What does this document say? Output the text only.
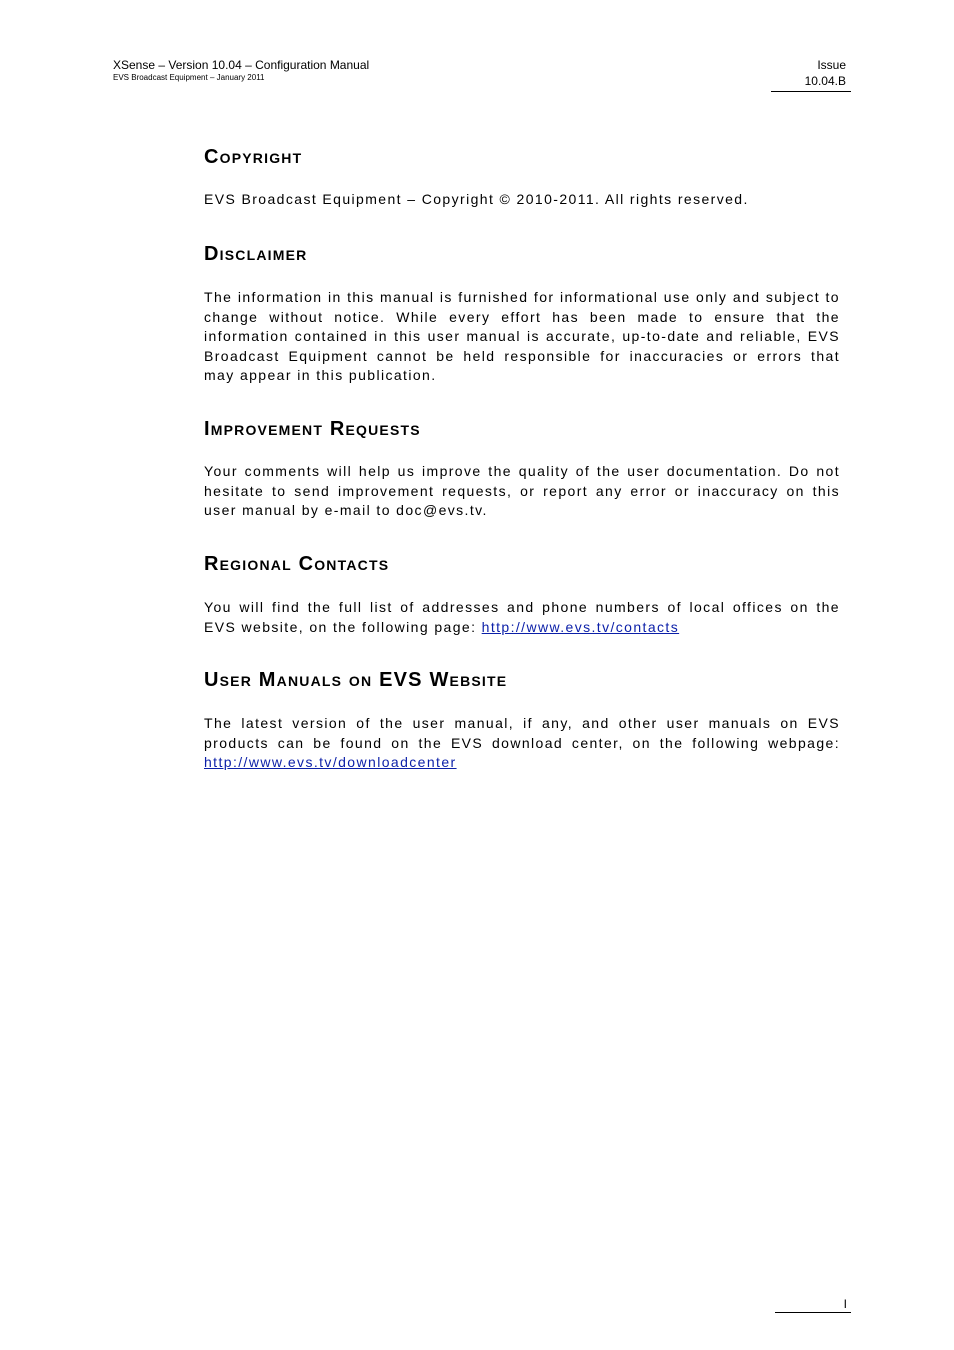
XSense – Version 10.04 – Configuration Manual
EVS Broadcast Equipment – January 2011
Issue
10.04.B
Copyright

EVS Broadcast Equipment – Copyright © 2010-2011. All rights reserved.

Disclaimer

The information in this manual is furnished for informational use only and subject to change without notice. While every effort has been made to ensure that the information contained in this user manual is accurate, up-to-date and reliable, EVS Broadcast Equipment cannot be held responsible for inaccuracies or errors that may appear in this publication.

Improvement Requests

Your comments will help us improve the quality of the user documentation. Do not hesitate to send improvement requests, or report any error or inaccuracy on this user manual by e-mail to doc@evs.tv.

Regional Contacts

You will find the full list of addresses and phone numbers of local offices on the EVS website, on the following page: http://www.evs.tv/contacts

User Manuals on EVS Website

The latest version of the user manual, if any, and other user manuals on EVS products can be found on the EVS download center, on the following webpage: http://www.evs.tv/downloadcenter

I
